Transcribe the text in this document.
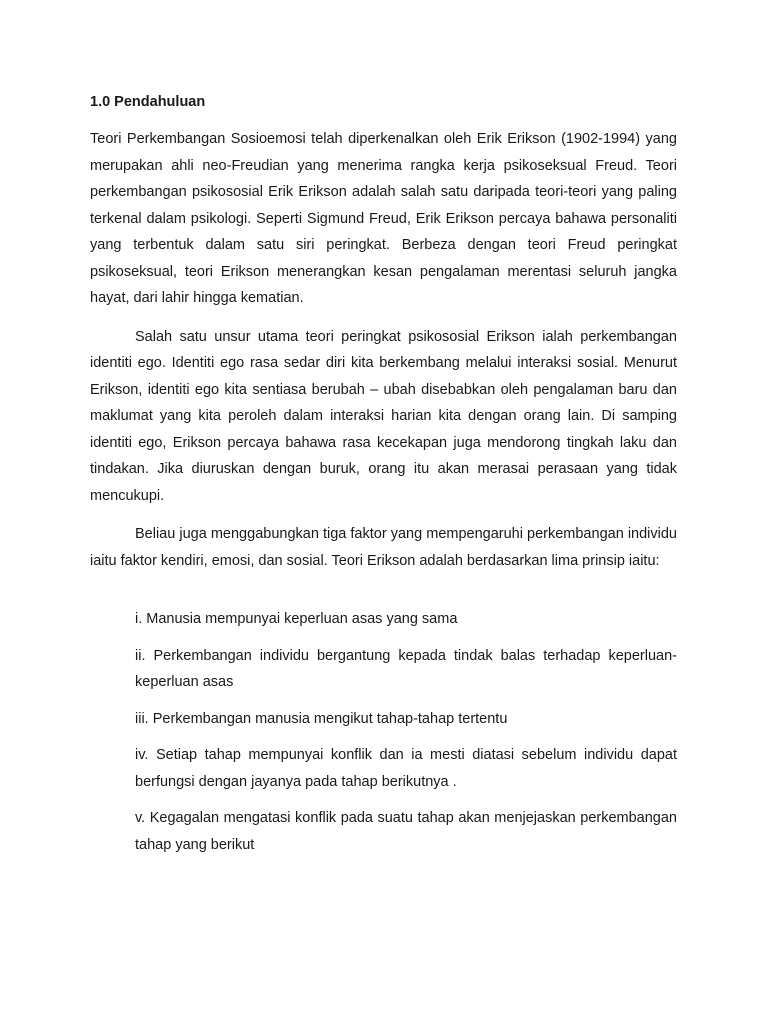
1.0 Pendahuluan

Teori Perkembangan Sosioemosi telah diperkenalkan oleh Erik Erikson (1902-1994) yang merupakan ahli neo-Freudian yang menerima rangka kerja psikoseksual Freud. Teori perkembangan psikososial Erik Erikson adalah salah satu daripada teori-teori yang paling terkenal dalam psikologi. Seperti Sigmund Freud, Erik Erikson percaya bahawa personaliti yang terbentuk dalam satu siri peringkat. Berbeza dengan teori Freud peringkat psikoseksual, teori Erikson menerangkan kesan pengalaman merentasi seluruh jangka hayat, dari lahir hingga kematian.

Salah satu unsur utama teori peringkat psikososial Erikson ialah perkembangan identiti ego. Identiti ego rasa sedar diri kita berkembang melalui interaksi sosial. Menurut Erikson, identiti ego kita sentiasa berubah – ubah disebabkan oleh pengalaman baru dan maklumat yang kita peroleh dalam interaksi harian kita dengan orang lain. Di samping identiti ego, Erikson percaya bahawa rasa kecekapan juga mendorong tingkah laku dan tindakan. Jika diuruskan dengan buruk, orang itu akan merasai perasaan yang tidak mencukupi.

Beliau juga menggabungkan tiga faktor yang mempengaruhi perkembangan individu iaitu faktor kendiri, emosi, dan sosial. Teori Erikson adalah berdasarkan lima prinsip iaitu:

i. Manusia mempunyai keperluan asas yang sama

ii. Perkembangan individu bergantung kepada tindak balas terhadap keperluan-keperluan asas

iii. Perkembangan manusia mengikut tahap-tahap tertentu

iv. Setiap tahap mempunyai konflik dan ia mesti diatasi sebelum individu dapat berfungsi dengan jayanya pada tahap berikutnya .

v. Kegagalan mengatasi konflik pada suatu tahap akan menjejaskan perkembangan tahap yang berikut
